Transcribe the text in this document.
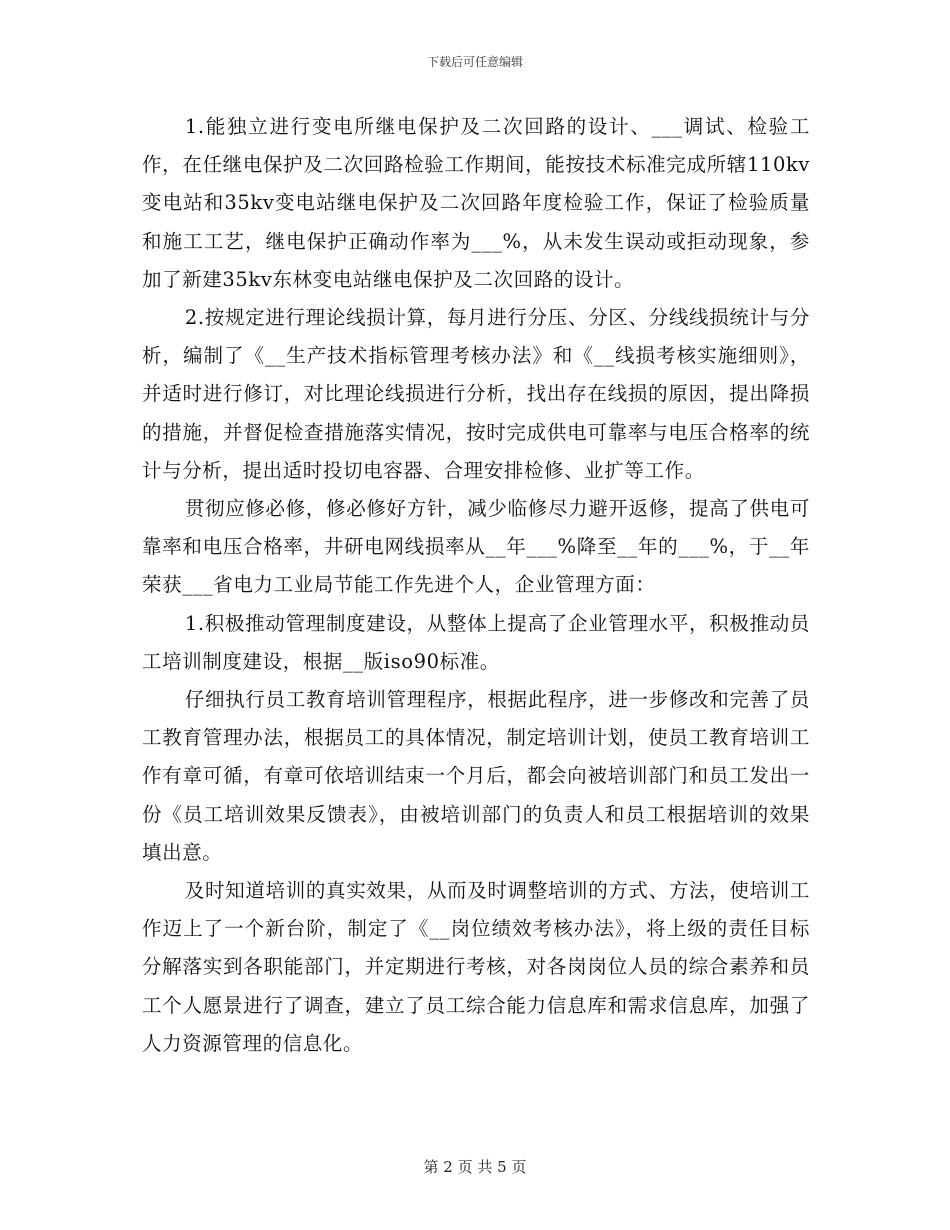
下载后可任意编辑

1.能独立进行变电所继电保护及二次回路的设计、___调试、检验工作，在任继电保护及二次回路检验工作期间，能按技术标准完成所辖110kv变电站和35kv变电站继电保护及二次回路年度检验工作，保证了检验质量和施工工艺，继电保护正确动作率为___%，从未发生误动或拒动现象，参加了新建35kv东林变电站继电保护及二次回路的设计。

2.按规定进行理论线损计算，每月进行分压、分区、分线线损统计与分析，编制了《__生产技术指标管理考核办法》和《__线损考核实施细则》，并适时进行修订，对比理论线损进行分析，找出存在线损的原因，提出降损的措施，并督促检查措施落实情况，按时完成供电可靠率与电压合格率的统计与分析，提出适时投切电容器、合理安排检修、业扩等工作。

贯彻应修必修，修必修好方针，减少临修尽力避开返修，提高了供电可靠率和电压合格率，井研电网线损率从__年___%降至__年的___%，于__年荣获___省电力工业局节能工作先进个人，企业管理方面：

1.积极推动管理制度建设，从整体上提高了企业管理水平，积极推动员工培训制度建设，根据__版iso90标准。

仔细执行员工教育培训管理程序，根据此程序，进一步修改和完善了员工教育管理办法，根据员工的具体情况，制定培训计划，使员工教育培训工作有章可循，有章可依培训结束一个月后，都会向被培训部门和员工发出一份《员工培训效果反馈表》，由被培训部门的负责人和员工根据培训的效果填出意。

及时知道培训的真实效果，从而及时调整培训的方式、方法，使培训工作迈上了一个新台阶，制定了《__岗位绩效考核办法》，将上级的责任目标分解落实到各职能部门，并定期进行考核，对各岗岗位人员的综合素养和员工个人愿景进行了调查，建立了员工综合能力信息库和需求信息库，加强了人力资源管理的信息化。

第 2 页 共 5 页
